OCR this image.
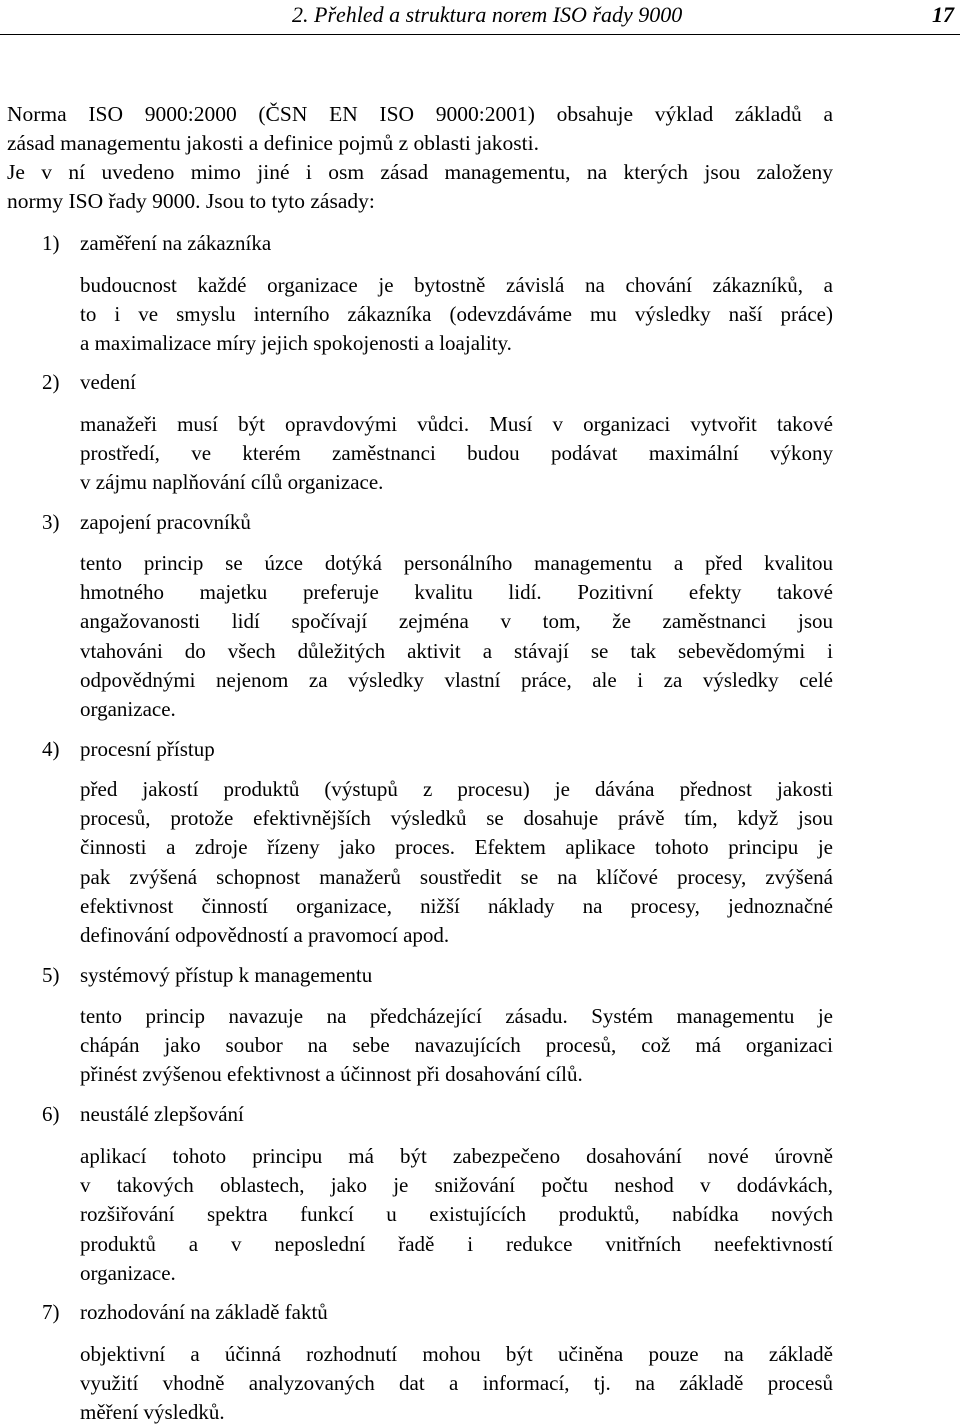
2. Přehled a struktura norem ISO řady 9000	17
Norma ISO 9000:2000 (ČSN EN ISO 9000:2001) obsahuje výklad základů a
zásad managementu jakosti a definice pojmů z oblasti jakosti.
Je v ní uvedeno mimo jiné i osm zásad managementu, na kterých jsou založeny
normy ISO řady 9000. Jsou to tyto zásady:
1) zaměření na zákazníka
budoucnost každé organizace je bytostně závislá na chování zákazníků, a
to i ve smyslu interního zákazníka (odevzdáváme mu výsledky naší práce)
a maximalizace míry jejich spokojenosti a loajality.
2) vedení
manažeři musí být opravdovými vůdci. Musí v organizaci vytvořit takové
prostředí, ve kterém zaměstnanci budou podávat maximální výkony
v zájmu naplňování cílů organizace.
3) zapojení pracovníků
tento princip se úzce dotýká personálního managementu a před kvalitou
hmotného majetku preferuje kvalitu lidí. Pozitivní efekty takové
angažovanosti lidí spočívají zejména v tom, že zaměstnanci jsou
vtahováni do všech důležitých aktivit a stávají se tak sebevědomými i
odpovědnými nejenom za výsledky vlastní práce, ale i za výsledky celé
organizace.
4) procesní přístup
před jakostí produktů (výstupů z procesu) je dávána přednost jakosti
procesů, protože efektivnějších výsledků se dosahuje právě tím, když jsou
činnosti a zdroje řízeny jako proces. Efektem aplikace tohoto principu je
pak zvýšená schopnost manažerů soustředit se na klíčové procesy, zvýšená
efektivnost činností organizace, nižší náklady na procesy, jednoznačné
definování odpovědností a pravomocí apod.
5) systémový přístup k managementu
tento princip navazuje na předcházející zásadu. Systém managementu je
chápán jako soubor na sebe navazujících procesů, což má organizaci
přinést zvýšenou efektivnost a účinnost při dosahování cílů.
6) neustálé zlepšování
aplikací tohoto principu má být zabezpečeno dosahování nové úrovně
v takových oblastech, jako je snižování počtu neshod v dodávkách,
rozšiřování spektra funkcí u existujících produktů, nabídka nových
produktů a v neposlední řadě i redukce vnitřních neefektivností
organizace.
7) rozhodování na základě faktů
objektivní a účinná rozhodnutí mohou být učiněna pouze na základě
využití vhodně analyzovaných dat a informací, tj. na základě procesů
měření výsledků.
